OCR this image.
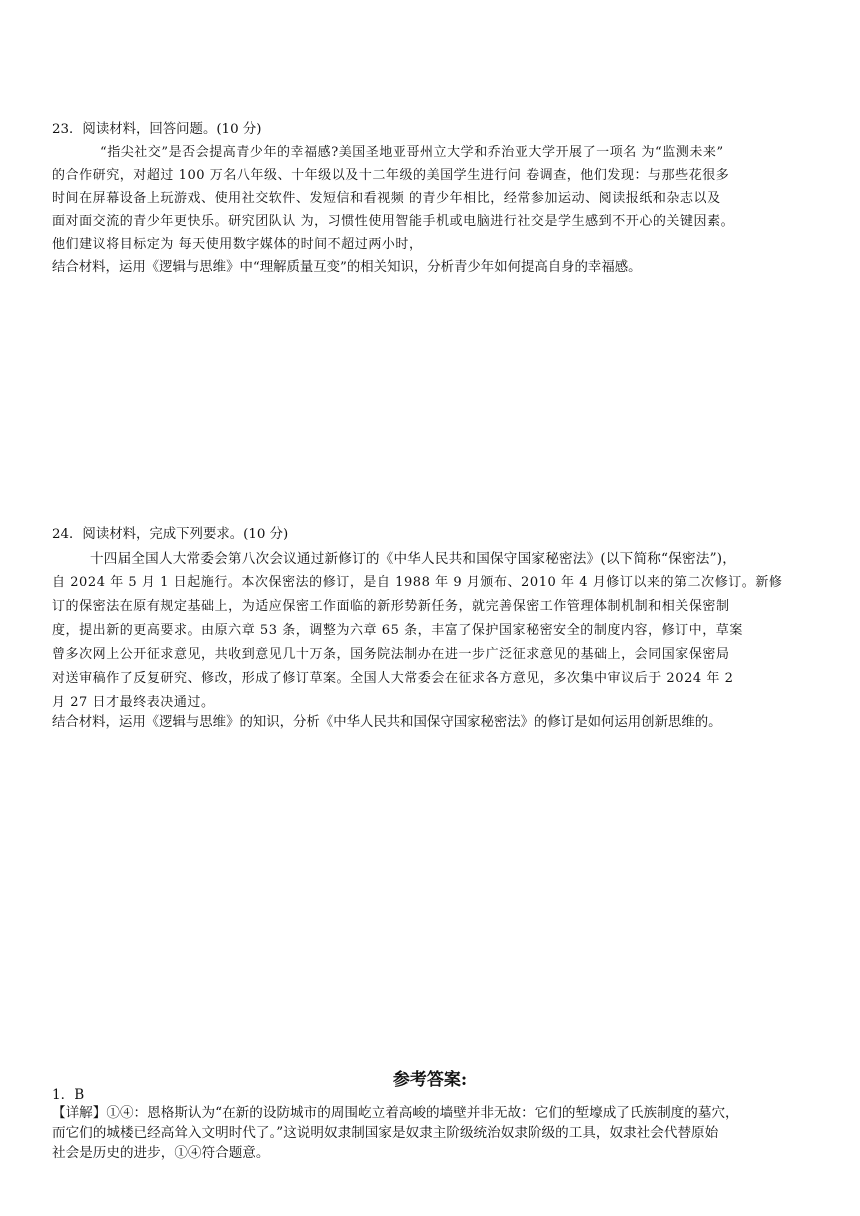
23．阅读材料，回答问题。(10 分)
“指尖社交”是否会提高青少年的幸福感?美国圣地亚哥州立大学和乔治亚大学开展了一项名 为“监测未来”
的合作研究，对超过 100 万名八年级、十年级以及十二年级的美国学生进行问 卷调查，他们发现：与那些花很多
时间在屏幕设备上玩游戏、使用社交软件、发短信和看视频 的青少年相比，经常参加运动、阅读报纸和杂志以及
面对面交流的青少年更快乐。研究团队认 为，习惯性使用智能手机或电脑进行社交是学生感到不开心的关键因素。
他们建议将目标定为 每天使用数字媒体的时间不超过两小时，
结合材料，运用《逻辑与思维》中“理解质量互变”的相关知识，分析青少年如何提高自身的幸福感。
24．阅读材料，完成下列要求。(10 分)
十四届全国人大常委会第八次会议通过新修订的《中华人民共和国保守国家秘密法》(以下简称“保密法”)，
自 2024 年 5 月 1 日起施行。本次保密法的修订，是自 1988 年 9 月颁布、2010 年 4 月修订以来的第二次修订。新修
订的保密法在原有规定基础上，为适应保密工作面临的新形势新任务，就完善保密工作管理体制机制和相关保密制
度，提出新的更高要求。由原六章 53 条，调整为六章 65 条，丰富了保护国家秘密安全的制度内容，修订中，草案
曾多次网上公开征求意见，共收到意见几十万条，国务院法制办在进一步广泛征求意见的基础上，会同国家保密局
对送审稿作了反复研究、修改，形成了修订草案。全国人大常委会在征求各方意见，多次集中审议后于 2024 年 2
月 27 日才最终表决通过。
结合材料，运用《逻辑与思维》的知识，分析《中华人民共和国保守国家秘密法》的修订是如何运用创新思维的。
参考答案:
1．B
【详解】①④：恩格斯认为“在新的设防城市的周围屹立着高峻的墙壁并非无故：它们的堑壕成了氏族制度的墓穴，
而它们的城楼已经高耸入文明时代了。”这说明奴隶制国家是奴隶主阶级统治奴隶阶级的工具，奴隶社会代替原始
社会是历史的进步，①④符合题意。
